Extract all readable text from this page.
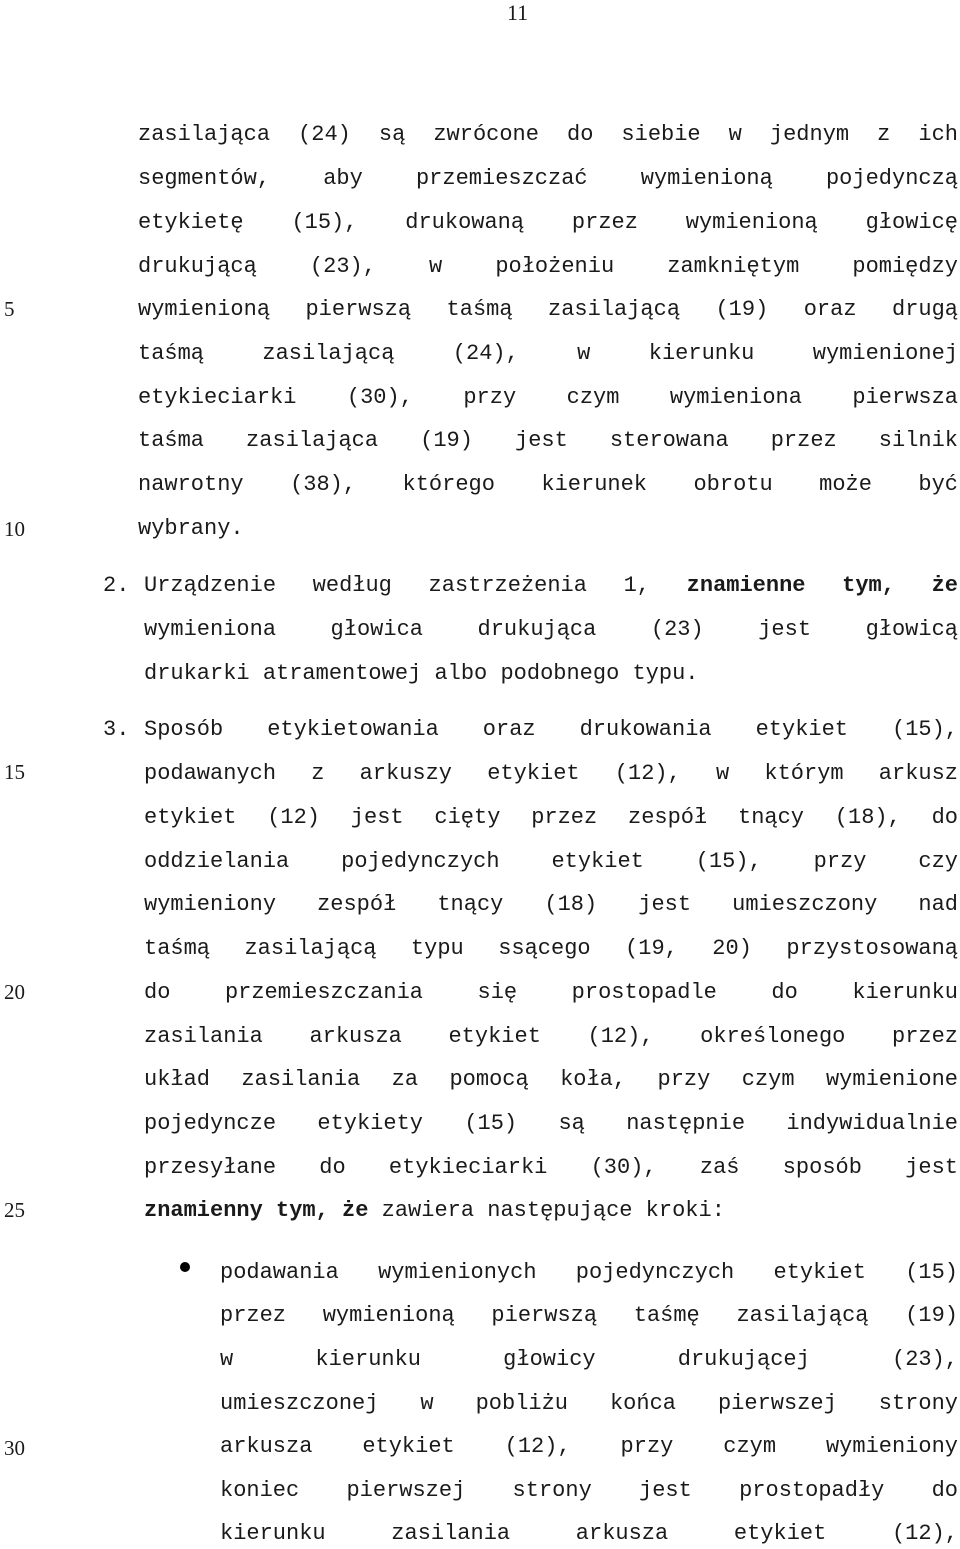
11
5
10
15
20
25
30
zasilająca (24) są zwrócone do siebie w jednym z ich
segmentów, aby przemieszczać wymienioną pojedynczą
etykietę (15), drukowaną przez wymienioną głowicę
drukującą (23), w położeniu zamkniętym pomiędzy
wymienioną pierwszą taśmą zasilającą (19) oraz drugą
taśmą zasilającą (24), w kierunku wymienionej
etykieciarki (30), przy czym wymieniona pierwsza
taśma zasilająca (19) jest sterowana przez silnik
nawrotny (38), którego kierunek obrotu może być
wybrany.
2. Urządzenie według zastrzeżenia 1, znamienne tym, że
wymieniona głowica drukująca (23) jest głowicą
drukarki atramentowej albo podobnego typu.
3. Sposób etykietowania oraz drukowania etykiet (15),
podawanych z arkuszy etykiet (12), w którym arkusz
etykiet (12) jest cięty przez zespół tnący (18), do
oddzielania pojedynczych etykiet (15), przy czy
wymieniony zespół tnący (18) jest umieszczony nad
taśmą zasilającą typu ssącego (19, 20) przystosowaną
do przemieszczania się prostopadle do kierunku
zasilania arkusza etykiet (12), określonego przez
układ zasilania za pomocą koła, przy czym wymienione
pojedyncze etykiety (15) są następnie indywidualnie
przesyłane do etykieciarki (30), zaś sposób jest
znamienny tym, że zawiera następujące kroki:
podawania wymienionych pojedynczych etykiet (15)
przez wymienioną pierwszą taśmę zasilającą (19)
w kierunku głowicy drukującej (23),
umieszczonej w pobliżu końca pierwszej strony
arkusza etykiet (12), przy czym wymieniony
koniec pierwszej strony jest prostopadły do
kierunku zasilania arkusza etykiet (12),
